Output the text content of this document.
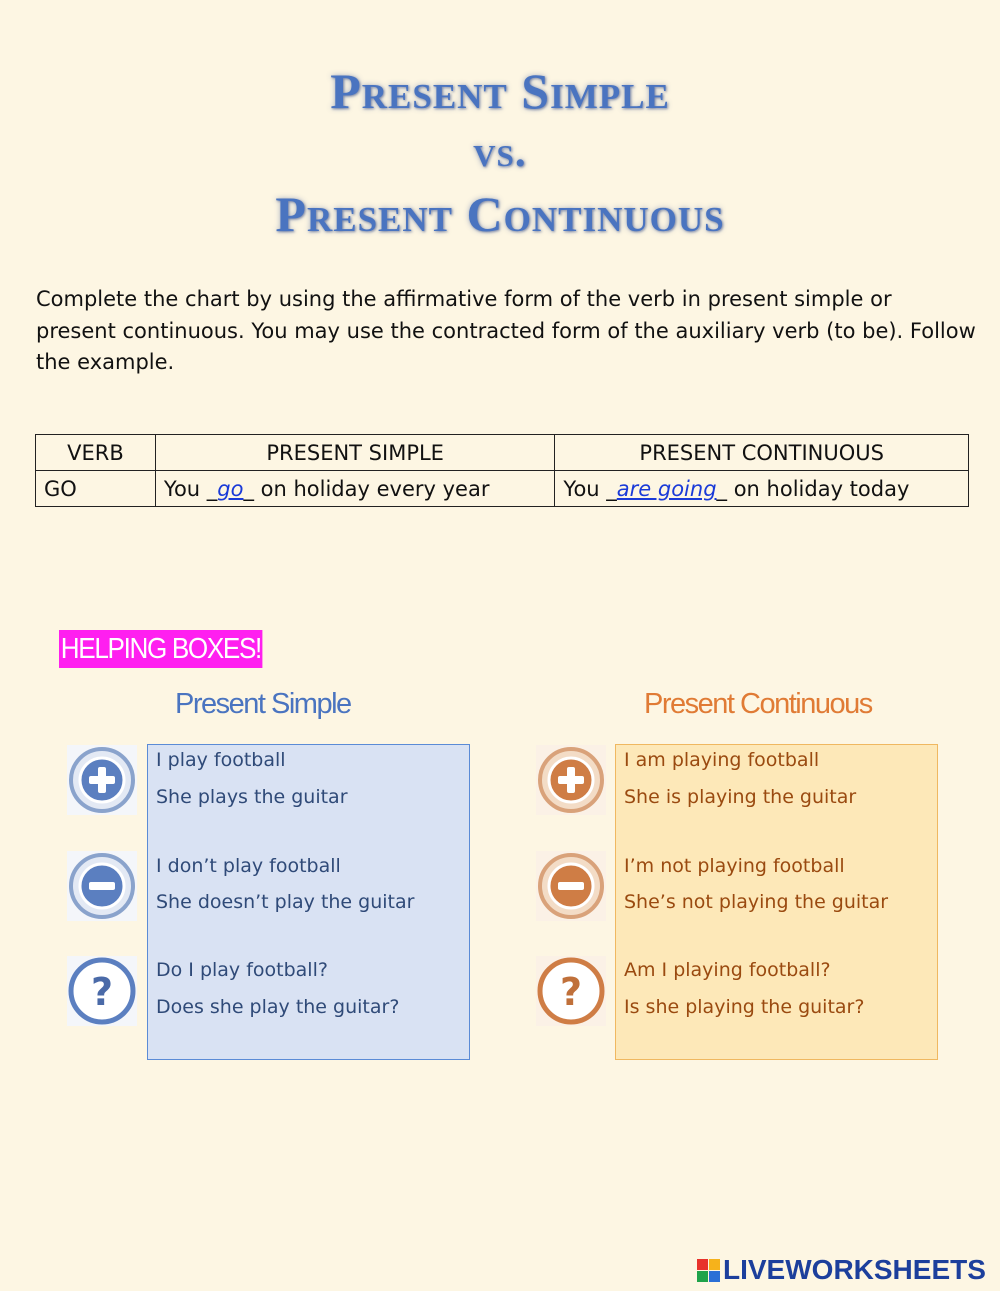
Present Simple
vs.
Present Continuous

Complete the chart by using the affirmative form of the verb in present simple or present continuous. You may use the contracted form of the auxiliary verb (to be). Follow the example.

VERB	PRESENT SIMPLE	PRESENT CONTINUOUS
GO	You _go_ on holiday every year	You _are going_ on holiday today
HELPING BOXES!
Present Simple	Present Continuous
?

I play football

She plays the guitar

I don’t play football

She doesn’t play the guitar

Do I play football?

Does she play the guitar?	?

I am playing football

She is playing the guitar

I’m not playing football

She’s not playing the guitar

Am I playing football?

Is she playing the guitar?

LIVEWORKSHEETS
